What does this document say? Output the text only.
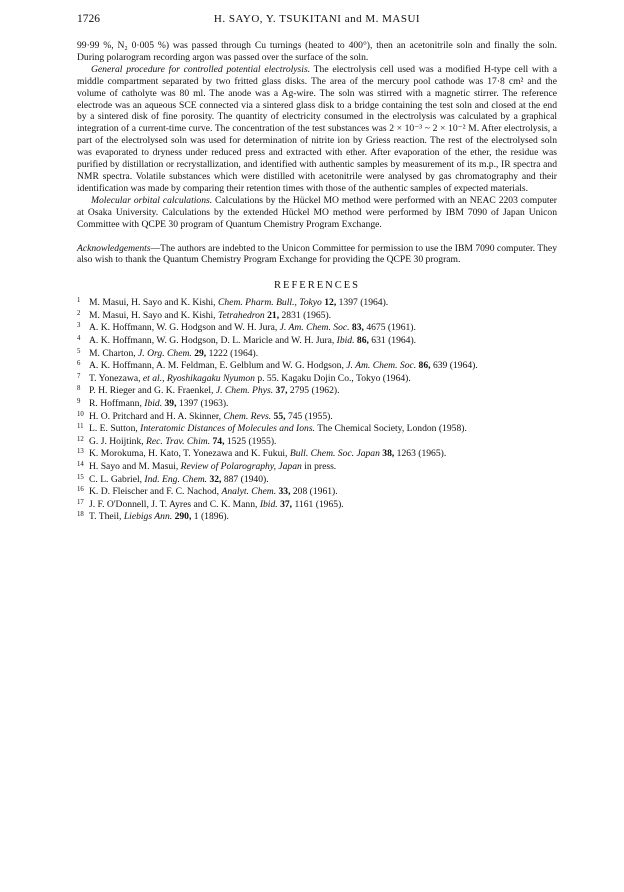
1726	H. SAYO, Y. TSUKITANI and M. MASUI

99·99 %, N₂ 0·005 %) was passed through Cu turnings (heated to 400°), then an acetonitrile soln and finally the soln. During polarogram recording argon was passed over the surface of the soln.

General procedure for controlled potential electrolysis. The electrolysis cell used was a modified H-type cell with a middle compartment separated by two fritted glass disks. The area of the mercury pool cathode was 17·8 cm² and the volume of catholyte was 80 ml. The anode was a Ag-wire. The soln was stirred with a magnetic stirrer. The reference electrode was an aqueous SCE connected via a sintered glass disk to a bridge containing the test soln and closed at the end by a sintered disk of fine porosity. The quantity of electricity consumed in the electrolysis was calculated by a graphical integration of a current-time curve. The concentration of the test substances was 2 × 10⁻³ ~ 2 × 10⁻² M. After electrolysis, a part of the electrolysed soln was used for determination of nitrite ion by Griess reaction. The rest of the electrolysed soln was evaporated to dryness under reduced press and extracted with ether. After evaporation of the ether, the residue was purified by distillation or recrystallization, and identified with authentic samples by measurement of its m.p., IR spectra and NMR spectra. Volatile substances which were distilled with acetonitrile were analysed by gas chromatography and their identification was made by comparing their retention times with those of the authentic samples of expected materials.

Molecular orbital calculations. Calculations by the Hückel MO method were performed with an NEAC 2203 computer at Osaka University. Calculations by the extended Hückel MO method were performed by IBM 7090 of Japan Unicon Committee with QCPE 30 program of Quantum Chemistry Program Exchange.

Acknowledgements—The authors are indebted to the Unicon Committee for permission to use the IBM 7090 computer. They also wish to thank the Quantum Chemistry Program Exchange for providing the QCPE 30 program.

REFERENCES
1 M. Masui, H. Sayo and K. Kishi, Chem. Pharm. Bull., Tokyo 12, 1397 (1964).
2 M. Masui, H. Sayo and K. Kishi, Tetrahedron 21, 2831 (1965).
3 A. K. Hoffmann, W. G. Hodgson and W. H. Jura, J. Am. Chem. Soc. 83, 4675 (1961).
4 A. K. Hoffmann, W. G. Hodgson, D. L. Maricle and W. H. Jura, Ibid. 86, 631 (1964).
5 M. Charton, J. Org. Chem. 29, 1222 (1964).
6 A. K. Hoffmann, A. M. Feldman, E. Gelblum and W. G. Hodgson, J. Am. Chem. Soc. 86, 639 (1964).
7 T. Yonezawa, et al., Ryoshikagaku Nyumon p. 55. Kagaku Dojin Co., Tokyo (1964).
8 P. H. Rieger and G. K. Fraenkel, J. Chem. Phys. 37, 2795 (1962).
9 R. Hoffmann, Ibid. 39, 1397 (1963).
10 H. O. Pritchard and H. A. Skinner, Chem. Revs. 55, 745 (1955).
11 L. E. Sutton, Interatomic Distances of Molecules and Ions. The Chemical Society, London (1958).
12 G. J. Hoijtink, Rec. Trav. Chim. 74, 1525 (1955).
13 K. Morokuma, H. Kato, T. Yonezawa and K. Fukui, Bull. Chem. Soc. Japan 38, 1263 (1965).
14 H. Sayo and M. Masui, Review of Polarography, Japan in press.
15 C. L. Gabriel, Ind. Eng. Chem. 32, 887 (1940).
16 K. D. Fleischer and F. C. Nachod, Analyt. Chem. 33, 208 (1961).
17 J. F. O'Donnell, J. T. Ayres and C. K. Mann, Ibid. 37, 1161 (1965).
18 T. Theil, Liebigs Ann. 290, 1 (1896).
